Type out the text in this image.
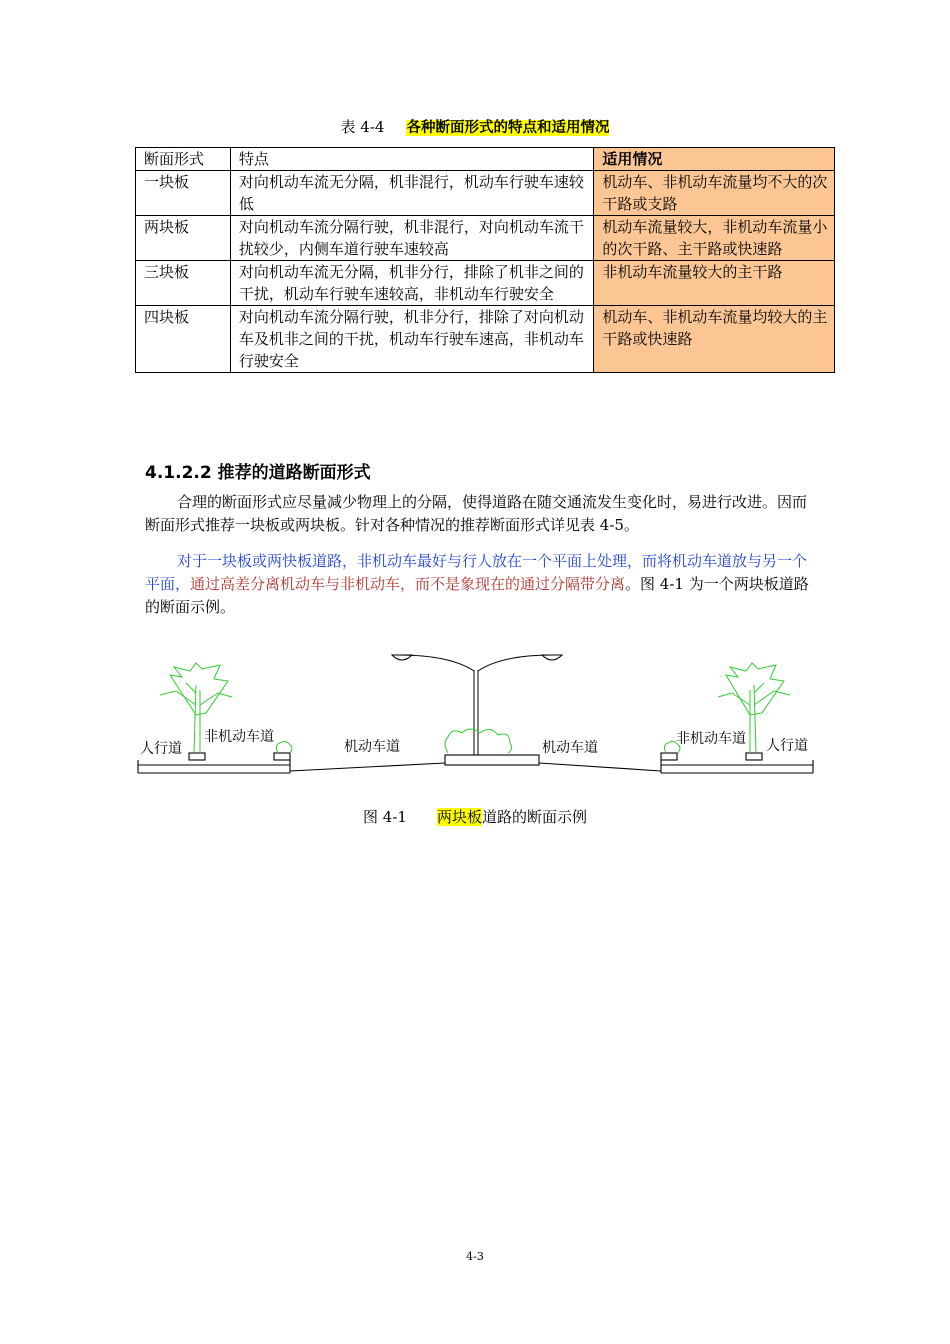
表 4-4 各种断面形式的特点和适用情况
断面形式	特点	适用情况
一块板	对向机动车流无分隔，机非混行，机动车行驶车速较低	机动车、非机动车流量均不大的次干路或支路
两块板	对向机动车流分隔行驶，机非混行，对向机动车流干扰较少，内侧车道行驶车速较高	机动车流量较大，非机动车流量小的次干路、主干路或快速路
三块板	对向机动车流无分隔，机非分行，排除了机非之间的干扰，机动车行驶车速较高，非机动车行驶安全	非机动车流量较大的主干路
四块板	对向机动车流分隔行驶，机非分行，排除了对向机动车及机非之间的干扰，机动车行驶车速高，非机动车行驶安全	机动车、非机动车流量均较大的主干路或快速路
4.1.2.2 推荐的道路断面形式

合理的断面形式应尽量减少物理上的分隔，使得道路在随交通流发生变化时，易进行改进。因而断面形式推荐一块板或两块板。针对各种情况的推荐断面形式详见表 4-5。

对于一块板或两快板道路，非机动车最好与行人放在一个平面上处理，而将机动车道放与另一个平面，通过高差分离机动车与非机动车，而不是象现在的通过分隔带分离。图 4-1 为一个两块板道路的断面示例。

人行道
非机动车道
机动车道	机动车道
非机动车道 人行道
图 4-1 两块板道路的断面示例
4-3
